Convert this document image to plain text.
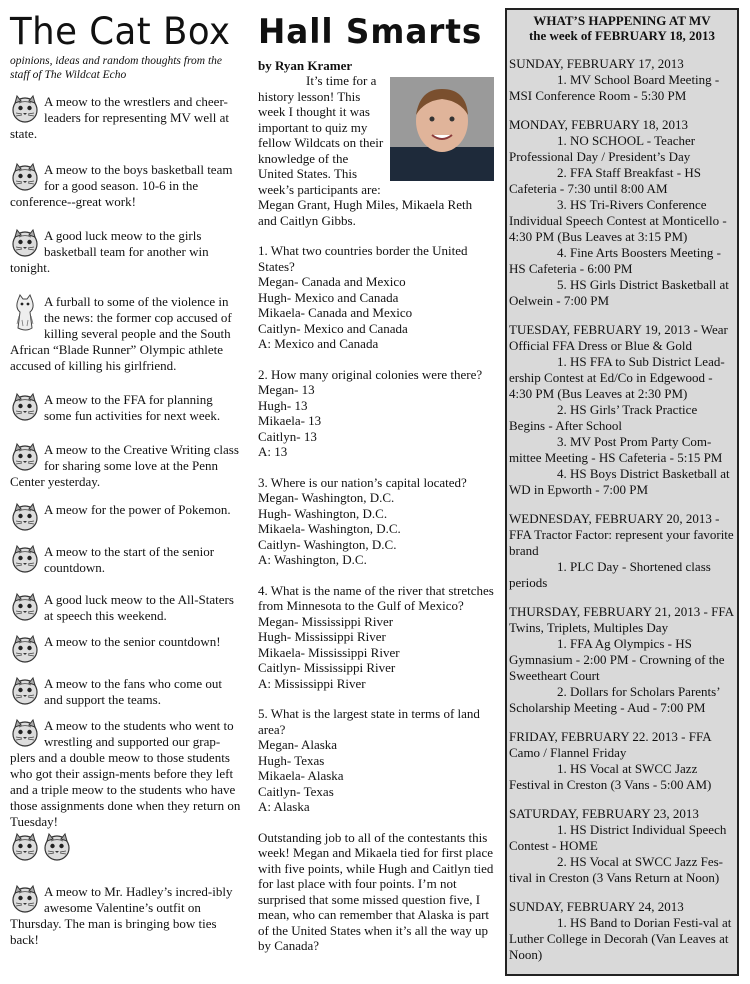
The Cat Box
opinions, ideas and random thoughts from the staff of The Wildcat Echo
A meow to the wrestlers and cheer-leaders for representing MV well at state.
A meow to the boys basketball team for a good season. 10-6 in the conference--great work!
A good luck meow to the girls basketball team for another win tonight.
A furball to some of the violence in the news: the former cop accused of killing several people and the South African “Blade Runner” Olympic athlete accused of killing his girlfriend.
A meow to the FFA for planning some fun activities for next week.
A meow to the Creative Writing class for sharing some love at the Penn Center yesterday.
A meow for the power of Pokemon.
A meow to the start of the senior countdown.
A good luck meow to the All-Staters at speech this weekend.
A meow to the senior countdown!
A meow to the fans who come out and support the teams.
A meow to the students who went to wrestling and supported our grap-plers and a double meow to those students who got their assign-ments before they left and a triple meow to the students who have those assignments done when they return on Tuesday!
A meow to Mr. Hadley’s incred-ibly awesome Valentine’s outfit on Thursday. The man is bringing bow ties back!
Hall Smarts
by Ryan Kramer
It’s time for a history lesson! This week I thought it was important to quiz my fellow Wildcats on their knowledge of the United States. This week’s participants are: Megan Grant, Hugh Miles, Mikaela Reth and Caitlyn Gibbs.
1. What two countries border the United States?
Megan- Canada and Mexico
Hugh- Mexico and Canada
Mikaela- Canada and Mexico
Caitlyn- Mexico and Canada
A: Mexico and Canada
2. How many original colonies were there?
Megan- 13
Hugh- 13
Mikaela- 13
Caitlyn- 13
A: 13
3. Where is our nation’s capital located?
Megan- Washington, D.C.
Hugh- Washington, D.C.
Mikaela- Washington, D.C.
Caitlyn- Washington, D.C.
A: Washington, D.C.
4. What is the name of the river that stretches from Minnesota to the Gulf of Mexico?
Megan- Mississippi River
Hugh- Mississippi River
Mikaela- Mississippi River
Caitlyn- Mississippi River
A: Mississippi River
5. What is the largest state in terms of land area?
Megan- Alaska
Hugh- Texas
Mikaela- Alaska
Caitlyn- Texas
A: Alaska
Outstanding job to all of the contestants this week! Megan and Mikaela tied for first place with five points, while Hugh and Caitlyn tied for last place with four points. I’m not surprised that some missed question five, I mean, who can remember that Alaska is part of the United States when it’s all the way up by Canada?
WHAT’S HAPPENING AT MV
the week of FEBRUARY 18, 2013
SUNDAY, FEBRUARY 17, 2013
1. MV School Board Meeting - MSI Conference Room - 5:30 PM
MONDAY, FEBRUARY 18, 2013
1. NO SCHOOL - Teacher Professional Day / President’s Day
2. FFA Staff Breakfast - HS Cafeteria - 7:30 until 8:00 AM
3. HS Tri-Rivers Conference Individual Speech Contest at Monticello - 4:30 PM (Bus Leaves at 3:15 PM)
4. Fine Arts Boosters Meeting - HS Cafeteria - 6:00 PM
5. HS Girls District Basketball at Oelwein - 7:00 PM
TUESDAY, FEBRUARY 19, 2013 - Wear Official FFA Dress or Blue & Gold
1. HS FFA to Sub District Lead-ership Contest at Ed/Co in Edgewood - 4:30 PM (Bus Leaves at 2:30 PM)
2. HS Girls’ Track Practice Begins - After School
3. MV Post Prom Party Com-mittee Meeting - HS Cafeteria - 5:15 PM
4. HS Boys District Basketball at WD in Epworth - 7:00 PM
WEDNESDAY, FEBRUARY 20, 2013 - FFA Tractor Factor: represent your favorite brand
1. PLC Day - Shortened class periods
THURSDAY, FEBRUARY 21, 2013 - FFA Twins, Triplets, Multiples Day
1. FFA Ag Olympics - HS Gymnasium - 2:00 PM - Crowning of the Sweetheart Court
2. Dollars for Scholars Parents’ Scholarship Meeting - Aud - 7:00 PM
FRIDAY, FEBRUARY 22. 2013 - FFA Camo / Flannel Friday
1. HS Vocal at SWCC Jazz Festival in Creston (3 Vans - 5:00 AM)
SATURDAY, FEBRUARY 23, 2013
1. HS District Individual Speech Contest - HOME
2. HS Vocal at SWCC Jazz Fes-tival in Creston (3 Vans Return at Noon)
SUNDAY, FEBRUARY 24, 2013
1. HS Band to Dorian Festi-val at Luther College in Decorah (Van Leaves at Noon)
